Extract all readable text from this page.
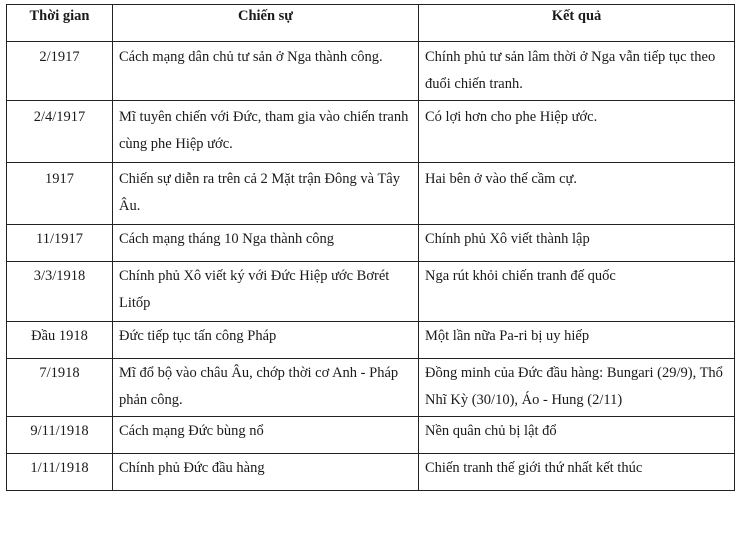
Thời gian	Chiến sự	Kết quả
2/1917	Cách mạng dân chủ tư sản ở Nga thành công.	Chính phủ tư sản lâm thời ở Nga vẫn tiếp tục theo đuổi chiến tranh.
2/4/1917	Mĩ tuyên chiến với Đức, tham gia vào chiến tranh cùng phe Hiệp ước.	Có lợi hơn cho phe Hiệp ước.
1917	Chiến sự diễn ra trên cả 2 Mặt trận Đông và Tây Âu.	Hai bên ở vào thế cầm cự.
11/1917	Cách mạng tháng 10 Nga thành công	Chính phủ Xô viết thành lập
3/3/1918	Chính phủ Xô viết ký với Đức Hiệp ước Bơrét Litốp	Nga rút khỏi chiến tranh đế quốc
Đầu 1918	Đức tiếp tục tấn công Pháp	Một lần nữa Pa-ri bị uy hiếp
7/1918	Mĩ đổ bộ vào châu Âu, chớp thời cơ Anh - Pháp phản công.	Đồng minh của Đức đầu hàng: Bungari (29/9), Thổ Nhĩ Kỳ (30/10), Áo - Hung (2/11)
9/11/1918	Cách mạng Đức bùng nổ	Nền quân chủ bị lật đổ
1/11/1918	Chính phủ Đức đầu hàng	Chiến tranh thế giới thứ nhất kết thúc
